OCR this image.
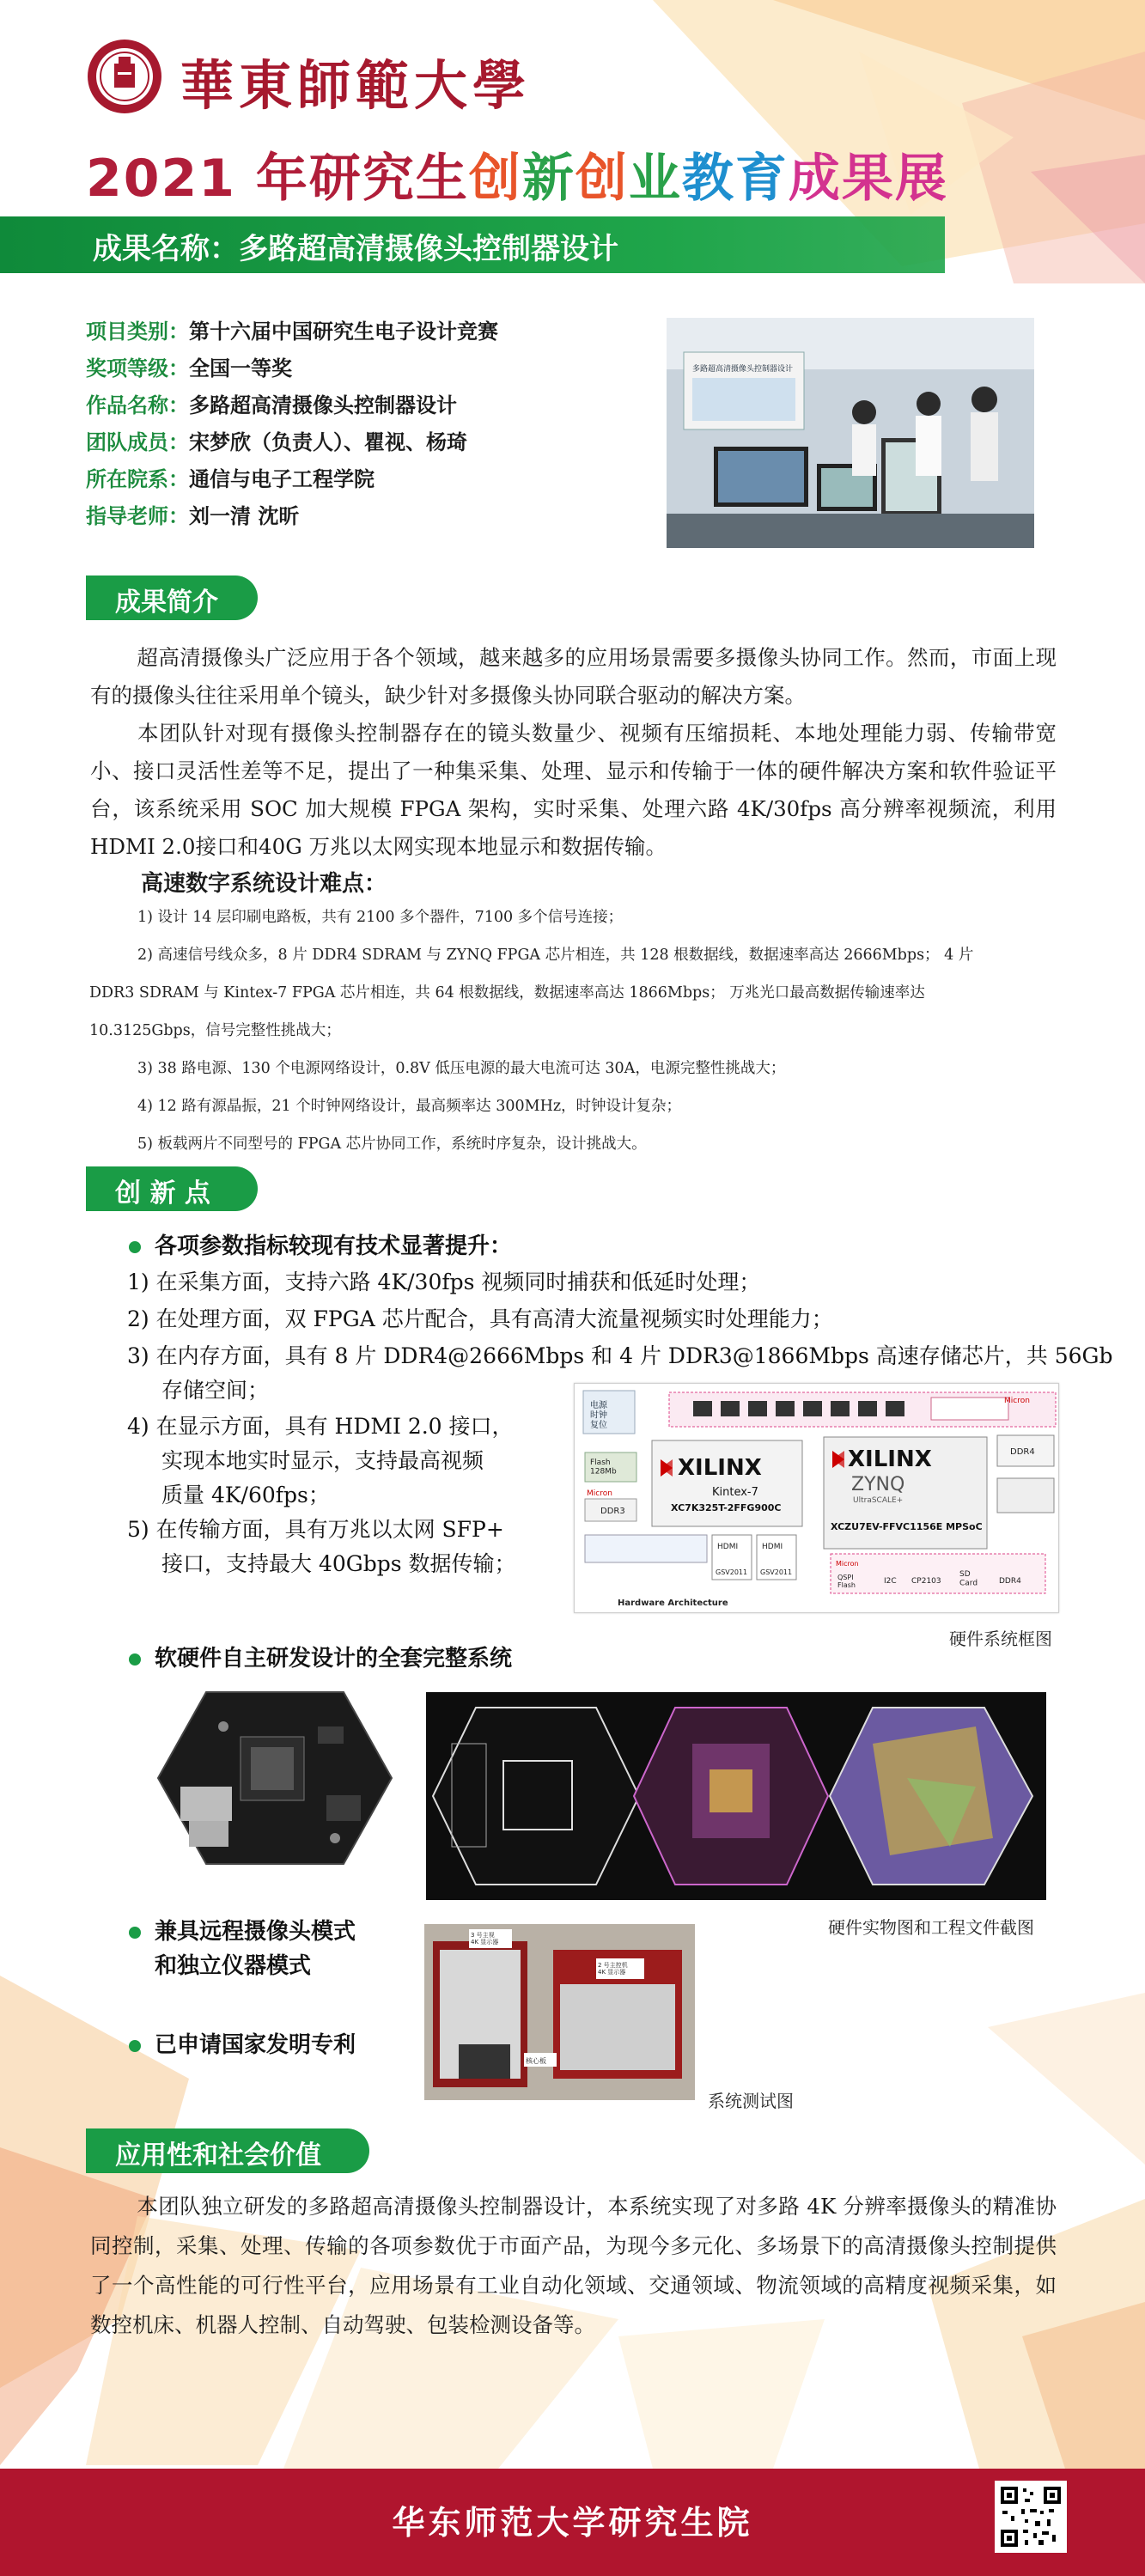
華東師範大學
2021 年研究生创新创业教育成果展
成果名称：多路超高清摄像头控制器设计
项目类别：第十六届中国研究生电子设计竞赛
奖项等级：全国一等奖
作品名称：多路超高清摄像头控制器设计
团队成员：宋梦欣（负责人）、瞿视、杨琦
所在院系：通信与电子工程学院
指导老师：刘一清 沈昕
多路超高清摄像头控制器设计
成果简介
超高清摄像头广泛应用于各个领域，越来越多的应用场景需要多摄像头协同工作。然而，市面上现有的摄像头往往采用单个镜头，缺少针对多摄像头协同联合驱动的解决方案。
本团队针对现有摄像头控制器存在的镜头数量少、视频有压缩损耗、本地处理能力弱、传输带宽小、接口灵活性差等不足，提出了一种集采集、处理、显示和传输于一体的硬件解决方案和软件验证平台，该系统采用 SOC 加大规模 FPGA 架构，实时采集、处理六路 4K/30fps 高分辨率视频流，利用 HDMI 2.0接口和40G 万兆以太网实现本地显示和数据传输。
高速数字系统设计难点：
1) 设计 14 层印刷电路板，共有 2100 多个器件，7100 多个信号连接；
2) 高速信号线众多，8 片 DDR4 SDRAM 与 ZYNQ FPGA 芯片相连，共 128 根数据线，数据速率高达 2666Mbps； 4 片
DDR3 SDRAM 与 Kintex-7 FPGA 芯片相连，共 64 根数据线，数据速率高达 1866Mbps； 万兆光口最高数据传输速率达
10.3125Gbps，信号完整性挑战大；
3) 38 路电源、130 个电源网络设计，0.8V 低压电源的最大电流可达 30A，电源完整性挑战大；
4) 12 路有源晶振，21 个时钟网络设计，最高频率达 300MHz，时钟设计复杂；
5) 板载两片不同型号的 FPGA 芯片协同工作，系统时序复杂，设计挑战大。
创 新 点
各项参数指标较现有技术显著提升：
1) 在采集方面，支持六路 4K/30fps 视频同时捕获和低延时处理；
2) 在处理方面，双 FPGA 芯片配合，具有高清大流量视频实时处理能力；
3) 在内存方面，具有 8 片 DDR4@2666Mbps 和 4 片 DDR3@1866Mbps 高速存储芯片，共 56Gb
存储空间；
4) 在显示方面，具有 HDMI 2.0 接口，
实现本地实时显示，支持最高视频
质量 4K/60fps；
5) 在传输方面，具有万兆以太网 SFP+
接口，支持最大 40Gbps 数据传输；
电源时钟复位
Micron
Flash 128Mb
Micron
DDR3
XILINX
Kintex-7
XC7K325T-2FFG900C
XILINX
ZYNQ
UltraSCALE+
XCZU7EV-FFVC1156E MPSoC
DDR4
HDMI
GSV2011
HDMI
GSV2011
Micron
QSPI Flash	I2C CP2103
SD Card	DDR4
Hardware Architecture
硬件系统框图
软硬件自主研发设计的全套完整系统
兼具远程摄像头模式
和独立仪器模式
硬件实物图和工程文件截图
3 号主视 4K 显示器
2 号主控机 4K 显示器
核心板
已申请国家发明专利
系统测试图
应用性和社会价值
本团队独立研发的多路超高清摄像头控制器设计，本系统实现了对多路 4K 分辨率摄像头的精准协同控制，采集、处理、传输的各项参数优于市面产品，为现今多元化、多场景下的高清摄像头控制提供了一个高性能的可行性平台，应用场景有工业自动化领域、交通领域、物流领域的高精度视频采集，如数控机床、机器人控制、自动驾驶、包装检测设备等。
华东师范大学研究生院
